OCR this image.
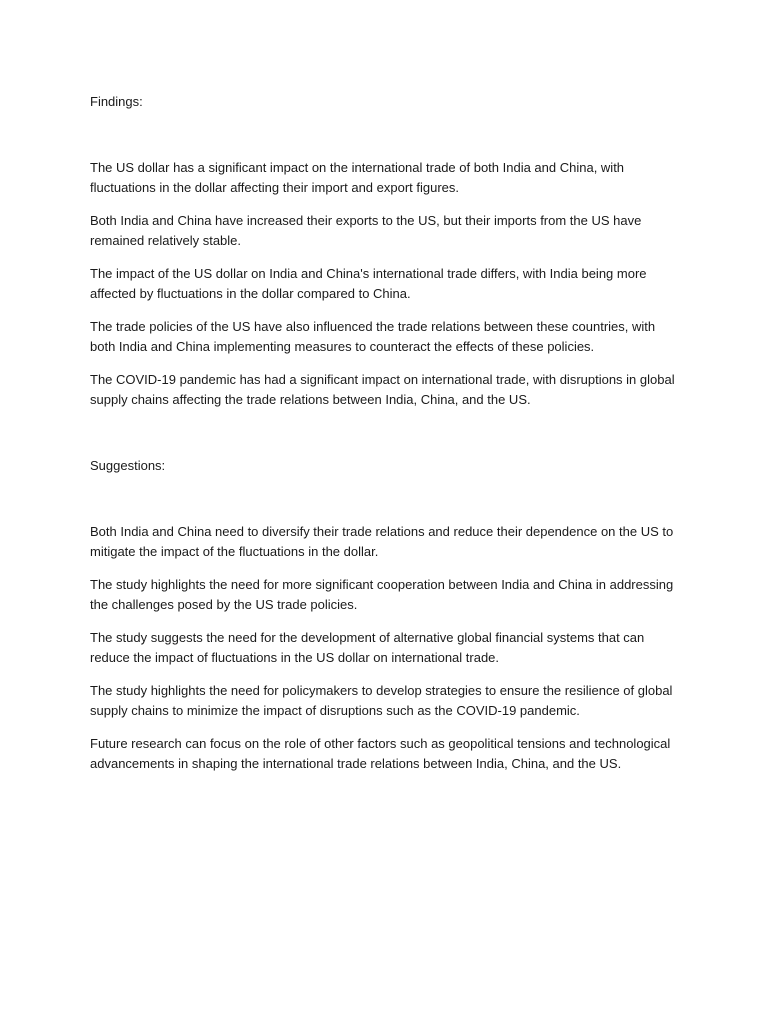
Findings:

The US dollar has a significant impact on the international trade of both India and China, with fluctuations in the dollar affecting their import and export figures.

Both India and China have increased their exports to the US, but their imports from the US have remained relatively stable.

The impact of the US dollar on India and China's international trade differs, with India being more affected by fluctuations in the dollar compared to China.

The trade policies of the US have also influenced the trade relations between these countries, with both India and China implementing measures to counteract the effects of these policies.

The COVID-19 pandemic has had a significant impact on international trade, with disruptions in global supply chains affecting the trade relations between India, China, and the US.

Suggestions:

Both India and China need to diversify their trade relations and reduce their dependence on the US to mitigate the impact of the fluctuations in the dollar.

The study highlights the need for more significant cooperation between India and China in addressing the challenges posed by the US trade policies.

The study suggests the need for the development of alternative global financial systems that can reduce the impact of fluctuations in the US dollar on international trade.

The study highlights the need for policymakers to develop strategies to ensure the resilience of global supply chains to minimize the impact of disruptions such as the COVID-19 pandemic.

Future research can focus on the role of other factors such as geopolitical tensions and technological advancements in shaping the international trade relations between India, China, and the US.
